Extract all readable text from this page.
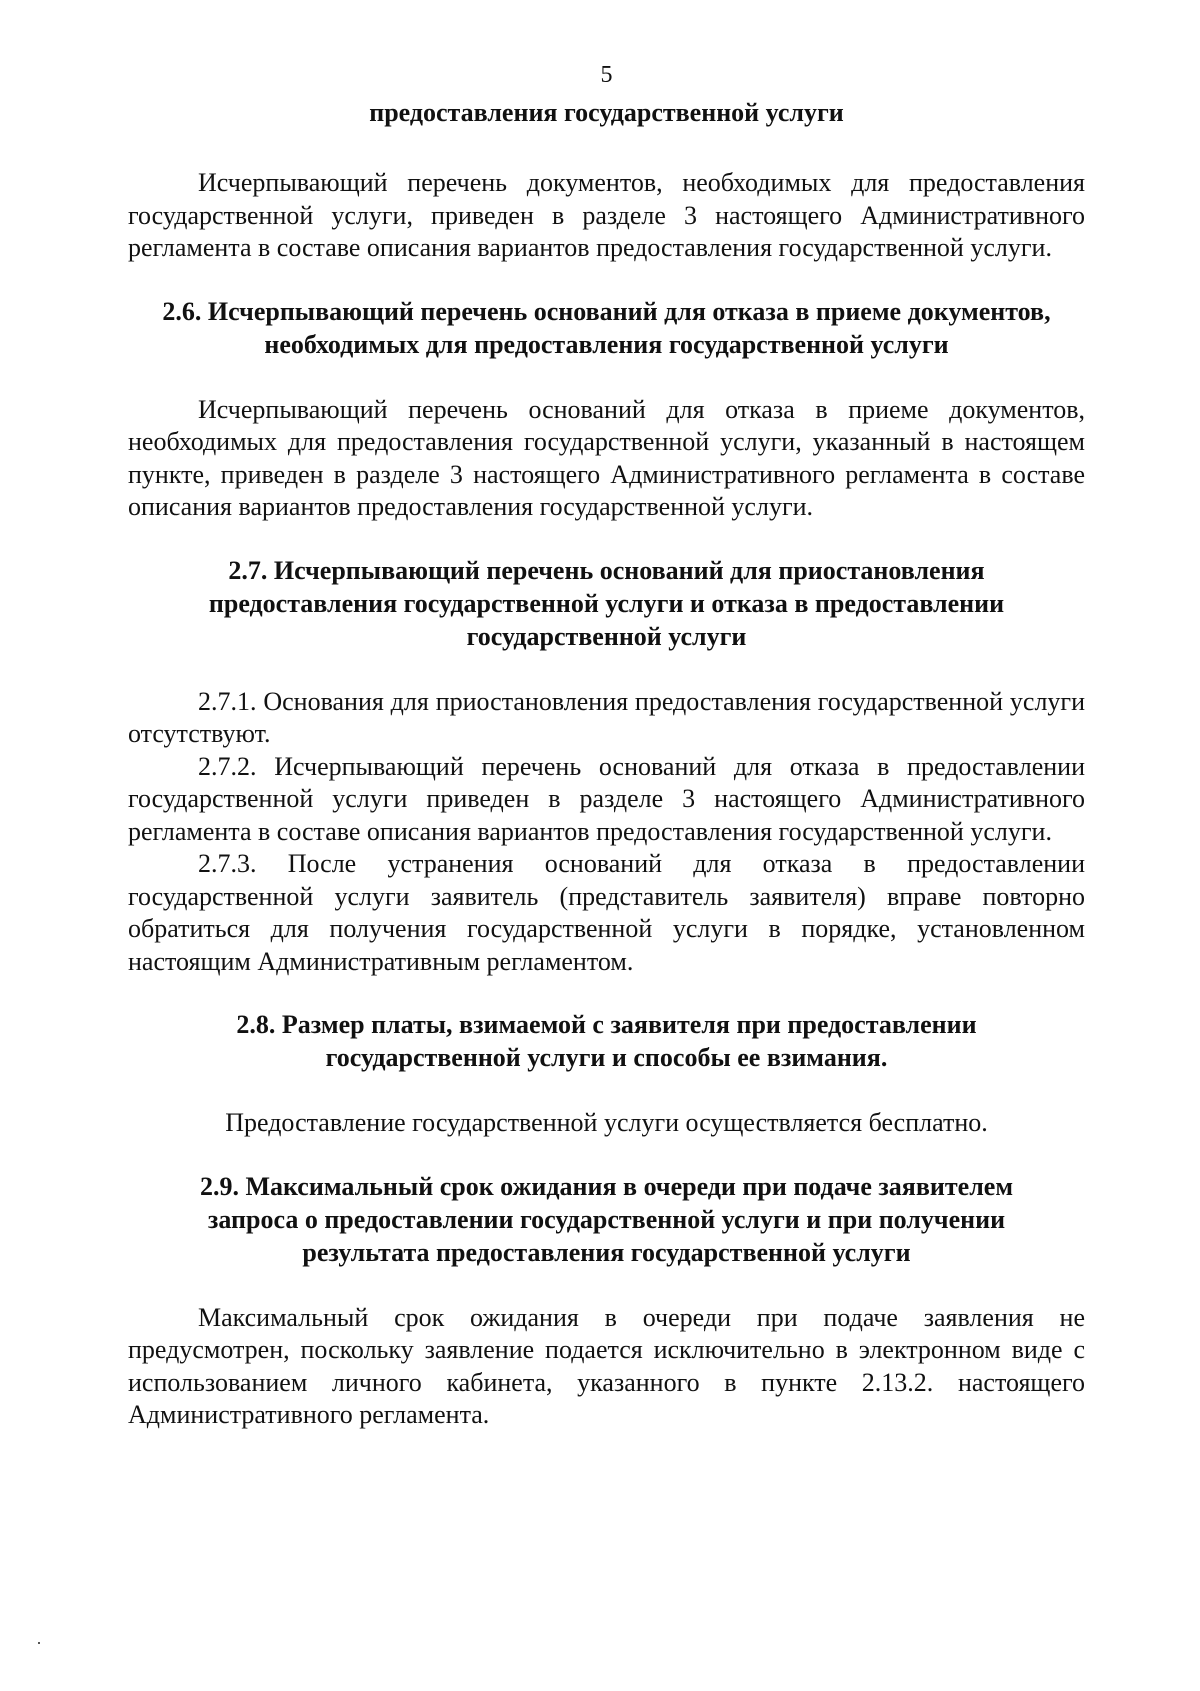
5

предоставления государственной услуги

Исчерпывающий перечень документов, необходимых для предоставления государственной услуги, приведен в разделе 3 настоящего Административного регламента в составе описания вариантов предоставления государственной услуги.

2.6. Исчерпывающий перечень оснований для отказа в приеме документов, необходимых для предоставления государственной услуги

Исчерпывающий перечень оснований для отказа в приеме документов, необходимых для предоставления государственной услуги, указанный в настоящем пункте, приведен в разделе 3 настоящего Административного регламента в составе описания вариантов предоставления государственной услуги.

2.7. Исчерпывающий перечень оснований для приостановления предоставления государственной услуги и отказа в предоставлении государственной услуги

2.7.1. Основания для приостановления предоставления государственной услуги отсутствуют.

2.7.2. Исчерпывающий перечень оснований для отказа в предоставлении государственной услуги приведен в разделе 3 настоящего Административного регламента в составе описания вариантов предоставления государственной услуги.

2.7.3. После устранения оснований для отказа в предоставлении государственной услуги заявитель (представитель заявителя) вправе повторно обратиться для получения государственной услуги в порядке, установленном настоящим Административным регламентом.

2.8. Размер платы, взимаемой с заявителя при предоставлении государственной услуги и способы ее взимания.

Предоставление государственной услуги осуществляется бесплатно.

2.9. Максимальный срок ожидания в очереди при подаче заявителем запроса о предоставлении государственной услуги и при получении результата предоставления государственной услуги

Максимальный срок ожидания в очереди при подаче заявления не предусмотрен, поскольку заявление подается исключительно в электронном виде с использованием личного кабинета, указанного в пункте 2.13.2. настоящего Административного регламента.
